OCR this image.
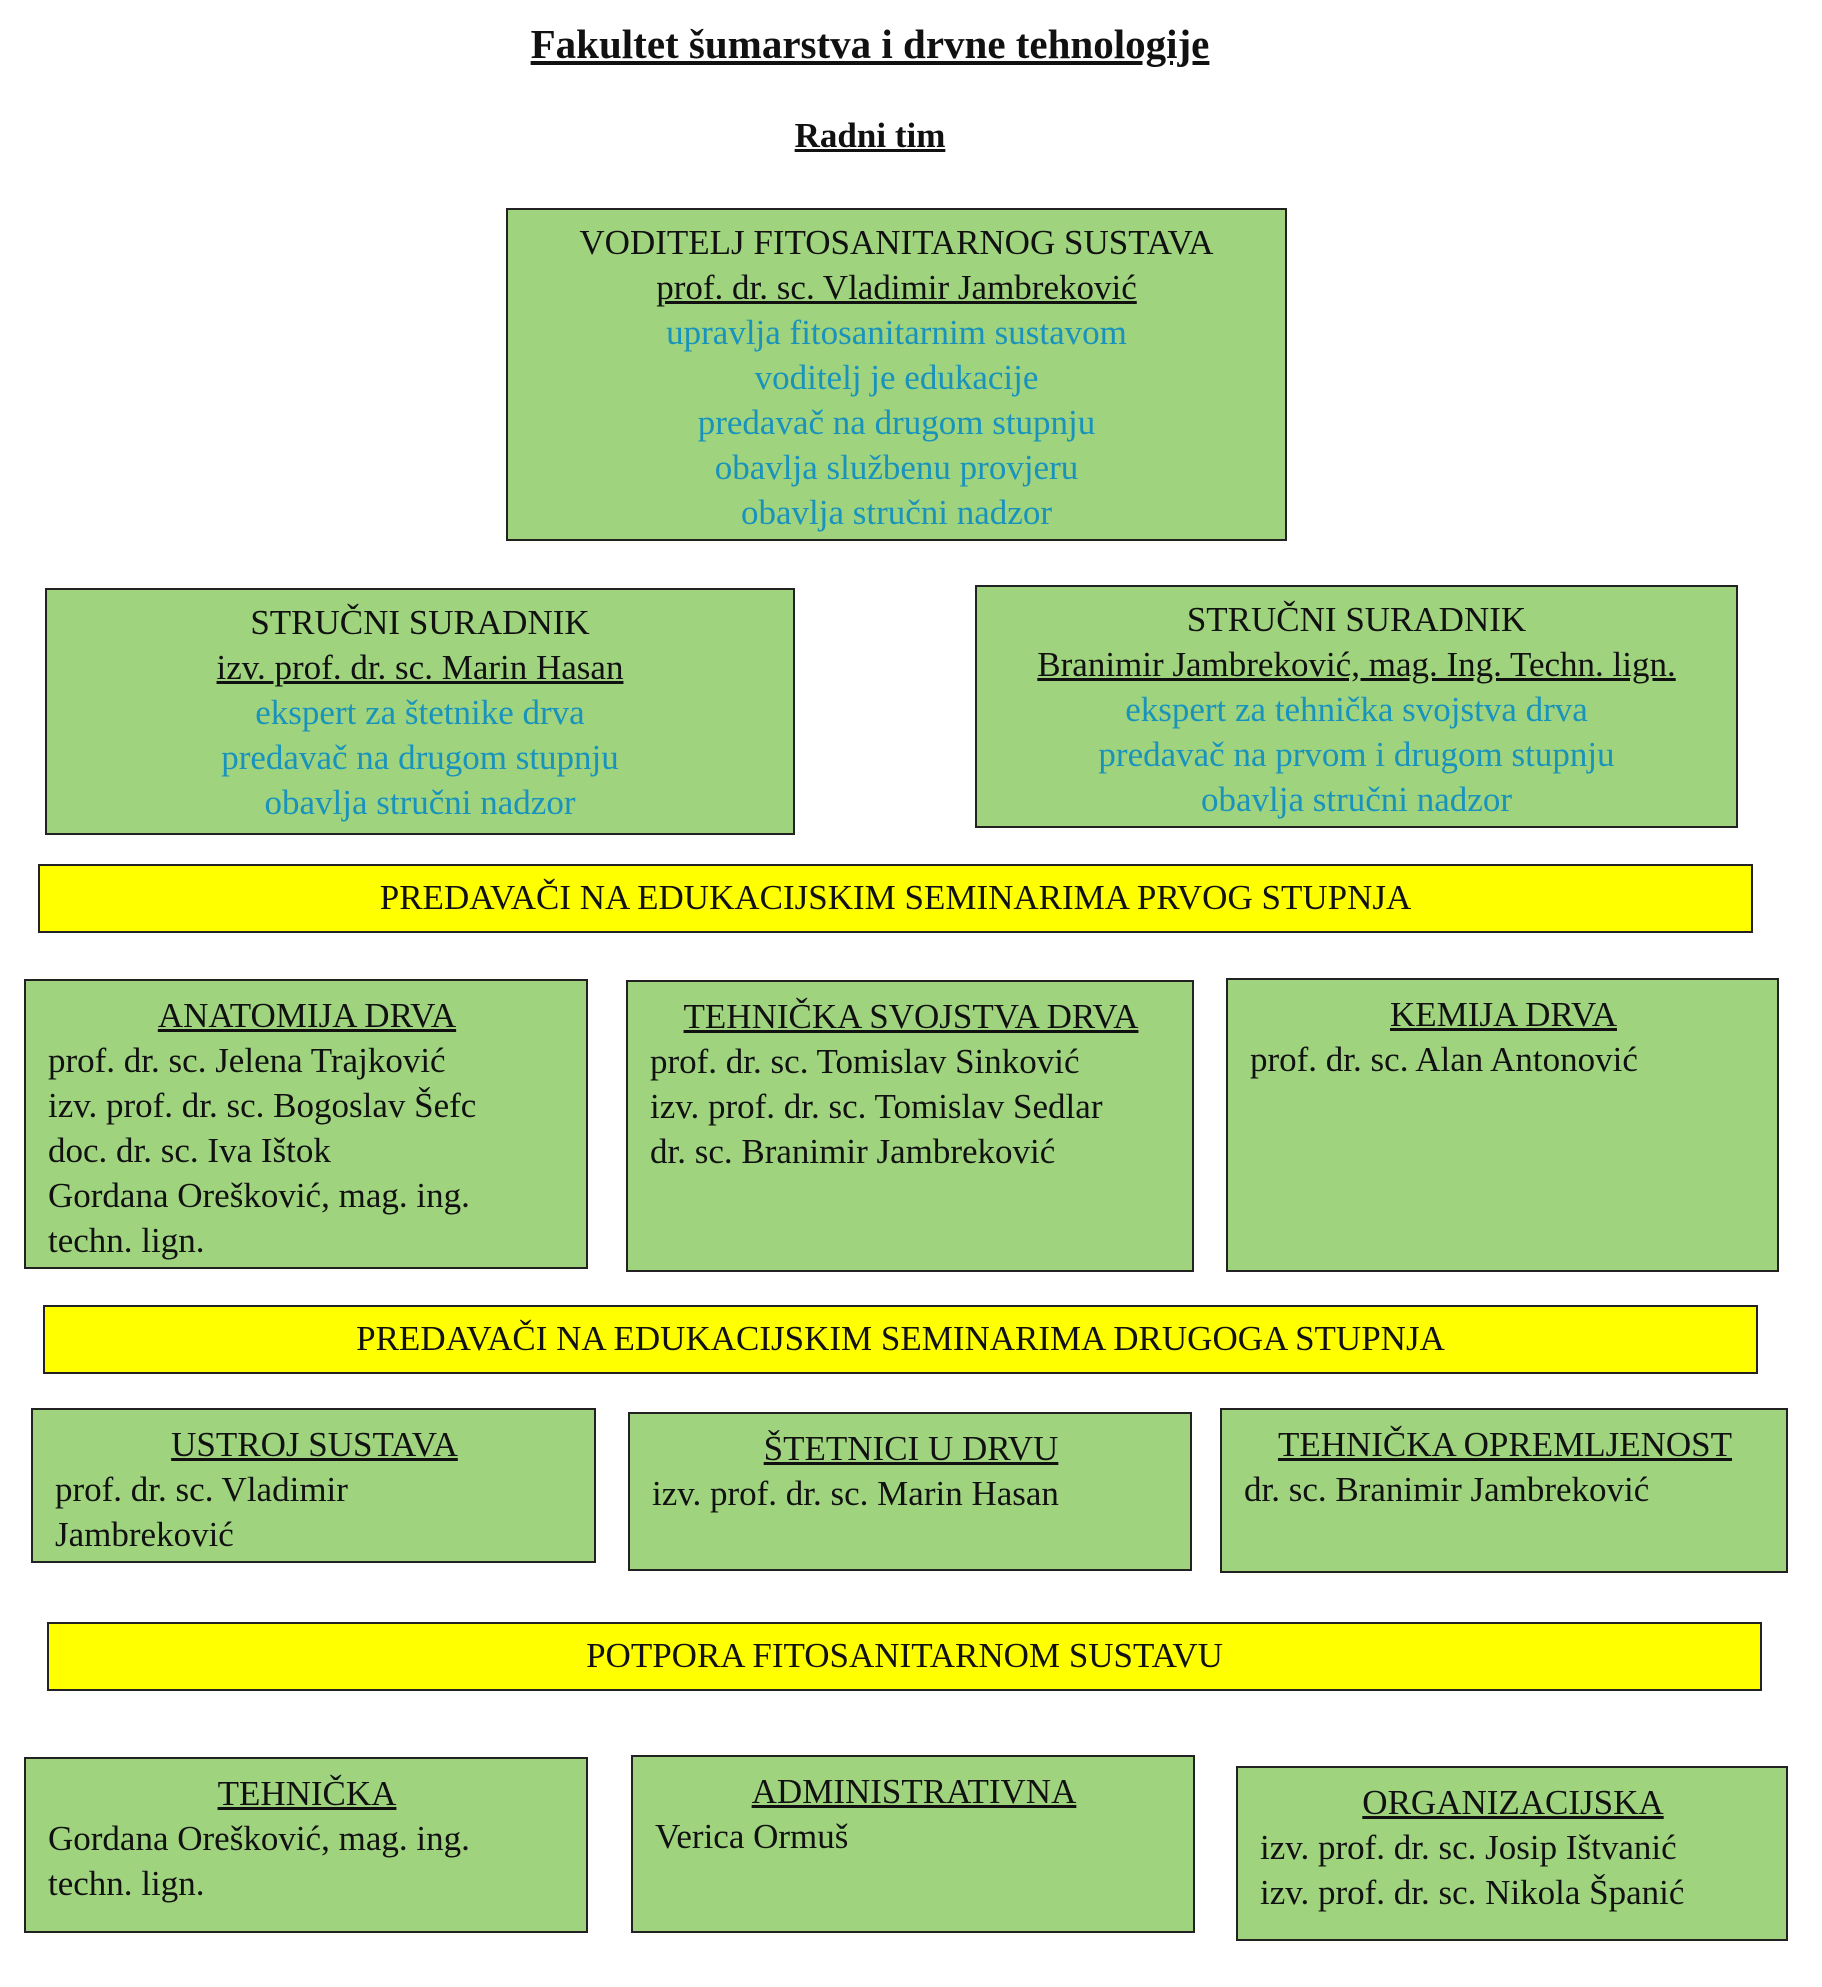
Fakultet šumarstva i drvne tehnologije
Radni tim
VODITELJ FITOSANITARNOG SUSTAVA
prof. dr. sc. Vladimir Jambreković
upravlja fitosanitarnim sustavom
voditelj je edukacije
predavač na drugom stupnju
obavlja službenu provjeru
obavlja stručni nadzor
STRUČNI SURADNIK
izv. prof. dr. sc. Marin Hasan
ekspert za štetnike drva
predavač na drugom stupnju
obavlja stručni nadzor
STRUČNI SURADNIK
Branimir Jambreković, mag. Ing. Techn. lign.
ekspert za tehnička svojstva drva
predavač na prvom i drugom stupnju
obavlja stručni nadzor
PREDAVAČI NA EDUKACIJSKIM SEMINARIMA PRVOG STUPNJA
ANATOMIJA DRVA
prof. dr. sc. Jelena Trajković
izv. prof. dr. sc. Bogoslav Šefc
doc. dr. sc. Iva Ištok
Gordana Orešković, mag. ing.
techn. lign.
TEHNIČKA SVOJSTVA DRVA
prof. dr. sc. Tomislav Sinković
izv. prof. dr. sc. Tomislav Sedlar
dr. sc. Branimir Jambreković
KEMIJA DRVA
prof. dr. sc. Alan Antonović
PREDAVAČI NA EDUKACIJSKIM SEMINARIMA DRUGOGA STUPNJA
USTROJ SUSTAVA
prof. dr. sc. Vladimir
Jambreković
ŠTETNICI U DRVU
izv. prof. dr. sc. Marin Hasan
TEHNIČKA OPREMLJENOST
dr. sc. Branimir Jambreković
POTPORA FITOSANITARNOM SUSTAVU
TEHNIČKA
Gordana Orešković, mag. ing.
techn. lign.
ADMINISTRATIVNA
Verica Ormuš
ORGANIZACIJSKA
izv. prof. dr. sc. Josip Ištvanić
izv. prof. dr. sc. Nikola Španić
